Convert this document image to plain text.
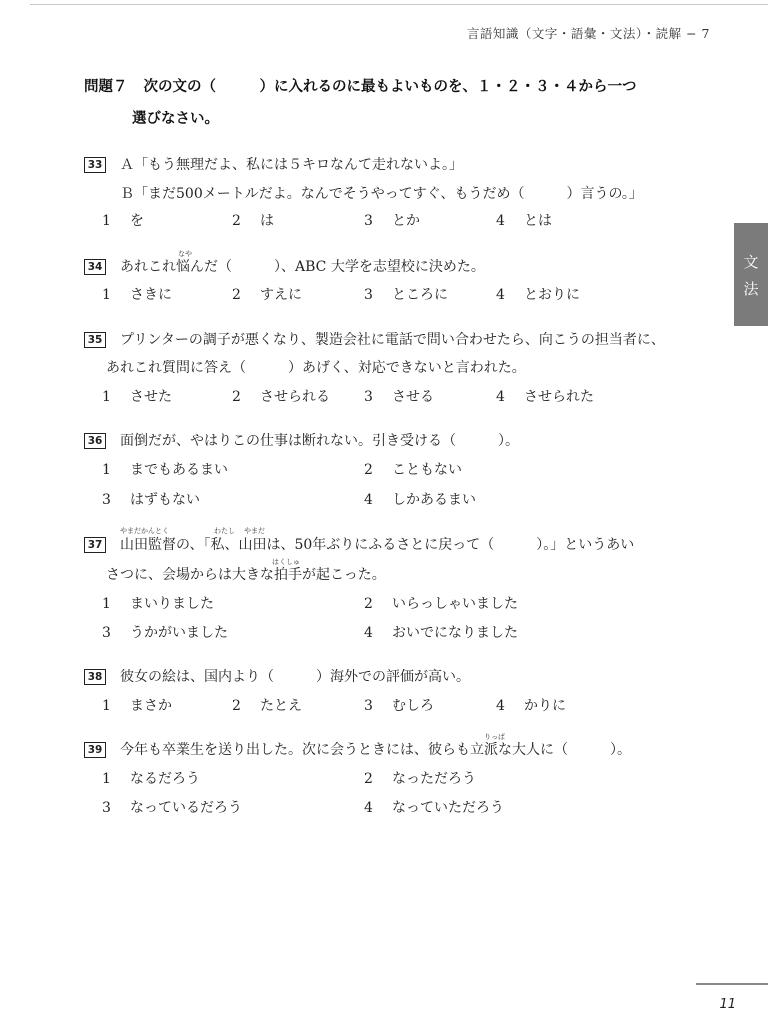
言語知識（文字・語彙・文法）・読解 − 7
文
法
問題７ 次の文の（　　　）に入れるのに最もよいものを、１・２・３・４から一つ
選びなさい。
33 Ａ「もう無理だよ、私には５キロなんて走れないよ。」
Ｂ「まだ500メートルだよ。なんでそうやってすぐ、もうだめ（　　　）言うの。」
1 を	2 は	3 とか	4 とは
34
なや
あれこれ悩んだ（　　　）、ABC 大学を志望校に決めた。
1 さきに	2 すえに	3 ところに	4 とおりに
35 プリンターの調子が悪くなり、製造会社に電話で問い合わせたら、向こうの担当者に、
あれこれ質問に答え（　　　）あげく、対応できないと言われた。
1 させた	2 させられる 3 させる	4 させられた
36 面倒だが、やはりこの仕事は断れない。引き受ける（　　　）。
1 までもあるまい	2 こともない
3 はずもない	4 しかあるまい
37
やまだかんとく	わたし やまだ
山田監督の、「私、山田は、50年ぶりにふるさとに戻って（　　　）。」というあい
はくしゅ
さつに、会場からは大きな拍手が起こった。
1 まいりました	2 いらっしゃいました
3 うかがいました	4 おいでになりました
38 彼女の絵は、国内より（　　　）海外での評価が高い。
1 まさか	2 たとえ	3 むしろ	4 かりに
39
りっぱ
今年も卒業生を送り出した。次に会うときには、彼らも立派な大人に（　　　）。
1 なるだろう	2 なっただろう
3 なっているだろう	4 なっていただろう
11
